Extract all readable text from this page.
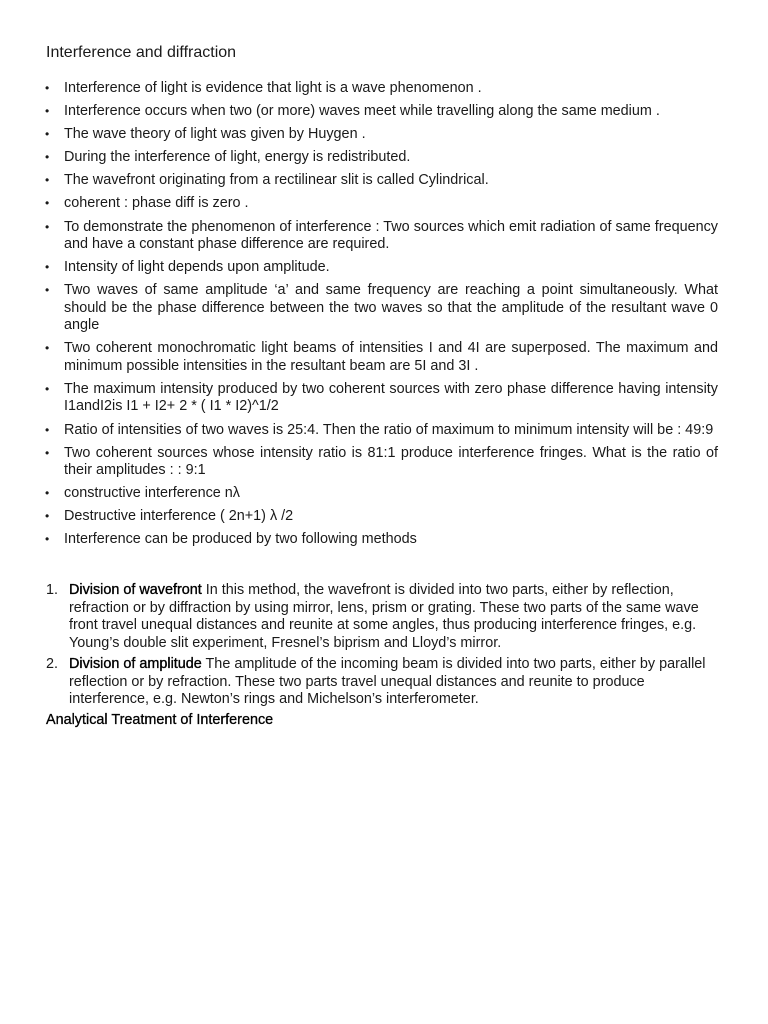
Interference and diffraction
• Interference of light is evidence that light is a wave phenomenon .
• Interference occurs when two (or more) waves meet while travelling along the same medium .
• The wave theory of light was given by Huygen .
• During the interference of light, energy is redistributed.
• The wavefront originating from a rectilinear slit is called Cylindrical.
• coherent : phase diff is zero .
• To demonstrate the phenomenon of interference : Two sources which emit radiation of same frequency and have a constant phase difference are required.
• Intensity of light depends upon amplitude.
• Two waves of same amplitude ‘a’ and same frequency are reaching a point simultaneously. What should be the phase difference between the two waves so that the amplitude of the resultant wave 0 angle
• Two coherent monochromatic light beams of intensities I and 4I are superposed. The maximum and minimum possible intensities in the resultant beam are 5I and 3I .
• The maximum intensity produced by two coherent sources with zero phase difference having intensity I1andI2is I1 + I2+ 2 * ( I1 * I2)^1/2
• Ratio of intensities of two waves is 25:4. Then the ratio of maximum to minimum intensity will be : 49:9
• Two coherent sources whose intensity ratio is 81:1 produce interference fringes. What is the ratio of their amplitudes : : 9:1
• constructive interference nλ
• Destructive interference ( 2n+1) λ /2
• Interference can be produced by two following methods
1. Division of wavefront In this method, the wavefront is divided into two parts, either by reflection, refraction or by diffraction by using mirror, lens, prism or grating. These two parts of the same wave front travel unequal distances and reunite at some angles, thus producing interference fringes, e.g. Young’s double slit experiment, Fresnel’s biprism and Lloyd’s mirror.
2. Division of amplitude The amplitude of the incoming beam is divided into two parts, either by parallel reflection or by refraction. These two parts travel unequal distances and reunite to produce interference, e.g. Newton’s rings and Michelson’s interferometer.
Analytical Treatment of Interference
